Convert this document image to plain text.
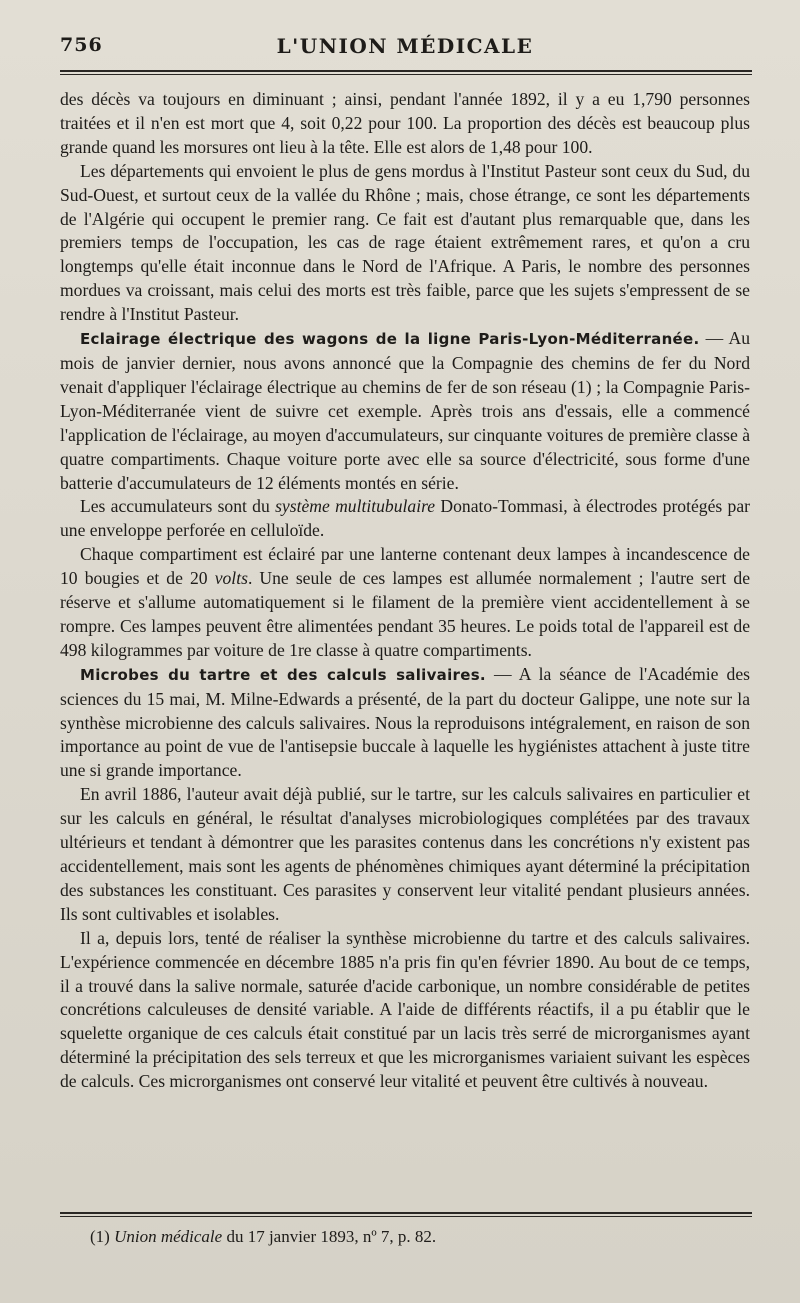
756	L'UNION MÉDICALE

des décès va toujours en diminuant ; ainsi, pendant l'année 1892, il y a eu 1,790 personnes traitées et il n'en est mort que 4, soit 0,22 pour 100. La proportion des décès est beaucoup plus grande quand les morsures ont lieu à la tête. Elle est alors de 1,48 pour 100.

Les départements qui envoient le plus de gens mordus à l'Institut Pasteur sont ceux du Sud, du Sud-Ouest, et surtout ceux de la vallée du Rhône ; mais, chose étrange, ce sont les départements de l'Algérie qui occupent le premier rang. Ce fait est d'autant plus remarquable que, dans les premiers temps de l'occupation, les cas de rage étaient extrêmement rares, et qu'on a cru longtemps qu'elle était inconnue dans le Nord de l'Afrique. A Paris, le nombre des personnes mordues va croissant, mais celui des morts est très faible, parce que les sujets s'empressent de se rendre à l'Institut Pasteur.

Eclairage électrique des wagons de la ligne Paris-Lyon-Méditerranée. — Au mois de janvier dernier, nous avons annoncé que la Compagnie des chemins de fer du Nord venait d'appliquer l'éclairage électrique au chemins de fer de son réseau (1) ; la Compagnie Paris-Lyon-Méditerranée vient de suivre cet exemple. Après trois ans d'essais, elle a commencé l'application de l'éclairage, au moyen d'accumulateurs, sur cinquante voitures de première classe à quatre compartiments. Chaque voiture porte avec elle sa source d'électricité, sous forme d'une batterie d'accumulateurs de 12 éléments montés en série.

Les accumulateurs sont du système multitubulaire Donato-Tommasi, à électrodes protégés par une enveloppe perforée en celluloïde.

Chaque compartiment est éclairé par une lanterne contenant deux lampes à incandescence de 10 bougies et de 20 volts. Une seule de ces lampes est allumée normalement ; l'autre sert de réserve et s'allume automatiquement si le filament de la première vient accidentellement à se rompre. Ces lampes peuvent être alimentées pendant 35 heures. Le poids total de l'appareil est de 498 kilogrammes par voiture de 1re classe à quatre compartiments.

Microbes du tartre et des calculs salivaires. — A la séance de l'Académie des sciences du 15 mai, M. Milne-Edwards a présenté, de la part du docteur Galippe, une note sur la synthèse microbienne des calculs salivaires. Nous la reproduisons intégralement, en raison de son importance au point de vue de l'antisepsie buccale à laquelle les hygiénistes attachent à juste titre une si grande importance.

En avril 1886, l'auteur avait déjà publié, sur le tartre, sur les calculs salivaires en particulier et sur les calculs en général, le résultat d'analyses microbiologiques complétées par des travaux ultérieurs et tendant à démontrer que les parasites contenus dans les concrétions n'y existent pas accidentellement, mais sont les agents de phénomènes chimiques ayant déterminé la précipitation des substances les constituant. Ces parasites y conservent leur vitalité pendant plusieurs années. Ils sont cultivables et isolables.

Il a, depuis lors, tenté de réaliser la synthèse microbienne du tartre et des calculs salivaires. L'expérience commencée en décembre 1885 n'a pris fin qu'en février 1890. Au bout de ce temps, il a trouvé dans la salive normale, saturée d'acide carbonique, un nombre considérable de petites concrétions calculeuses de densité variable. A l'aide de différents réactifs, il a pu établir que le squelette organique de ces calculs était constitué par un lacis très serré de microrganismes ayant déterminé la précipitation des sels terreux et que les microrganismes variaient suivant les espèces de calculs. Ces microrganismes ont conservé leur vitalité et peuvent être cultivés à nouveau.

(1) Union médicale du 17 janvier 1893, nº 7, p. 82.
